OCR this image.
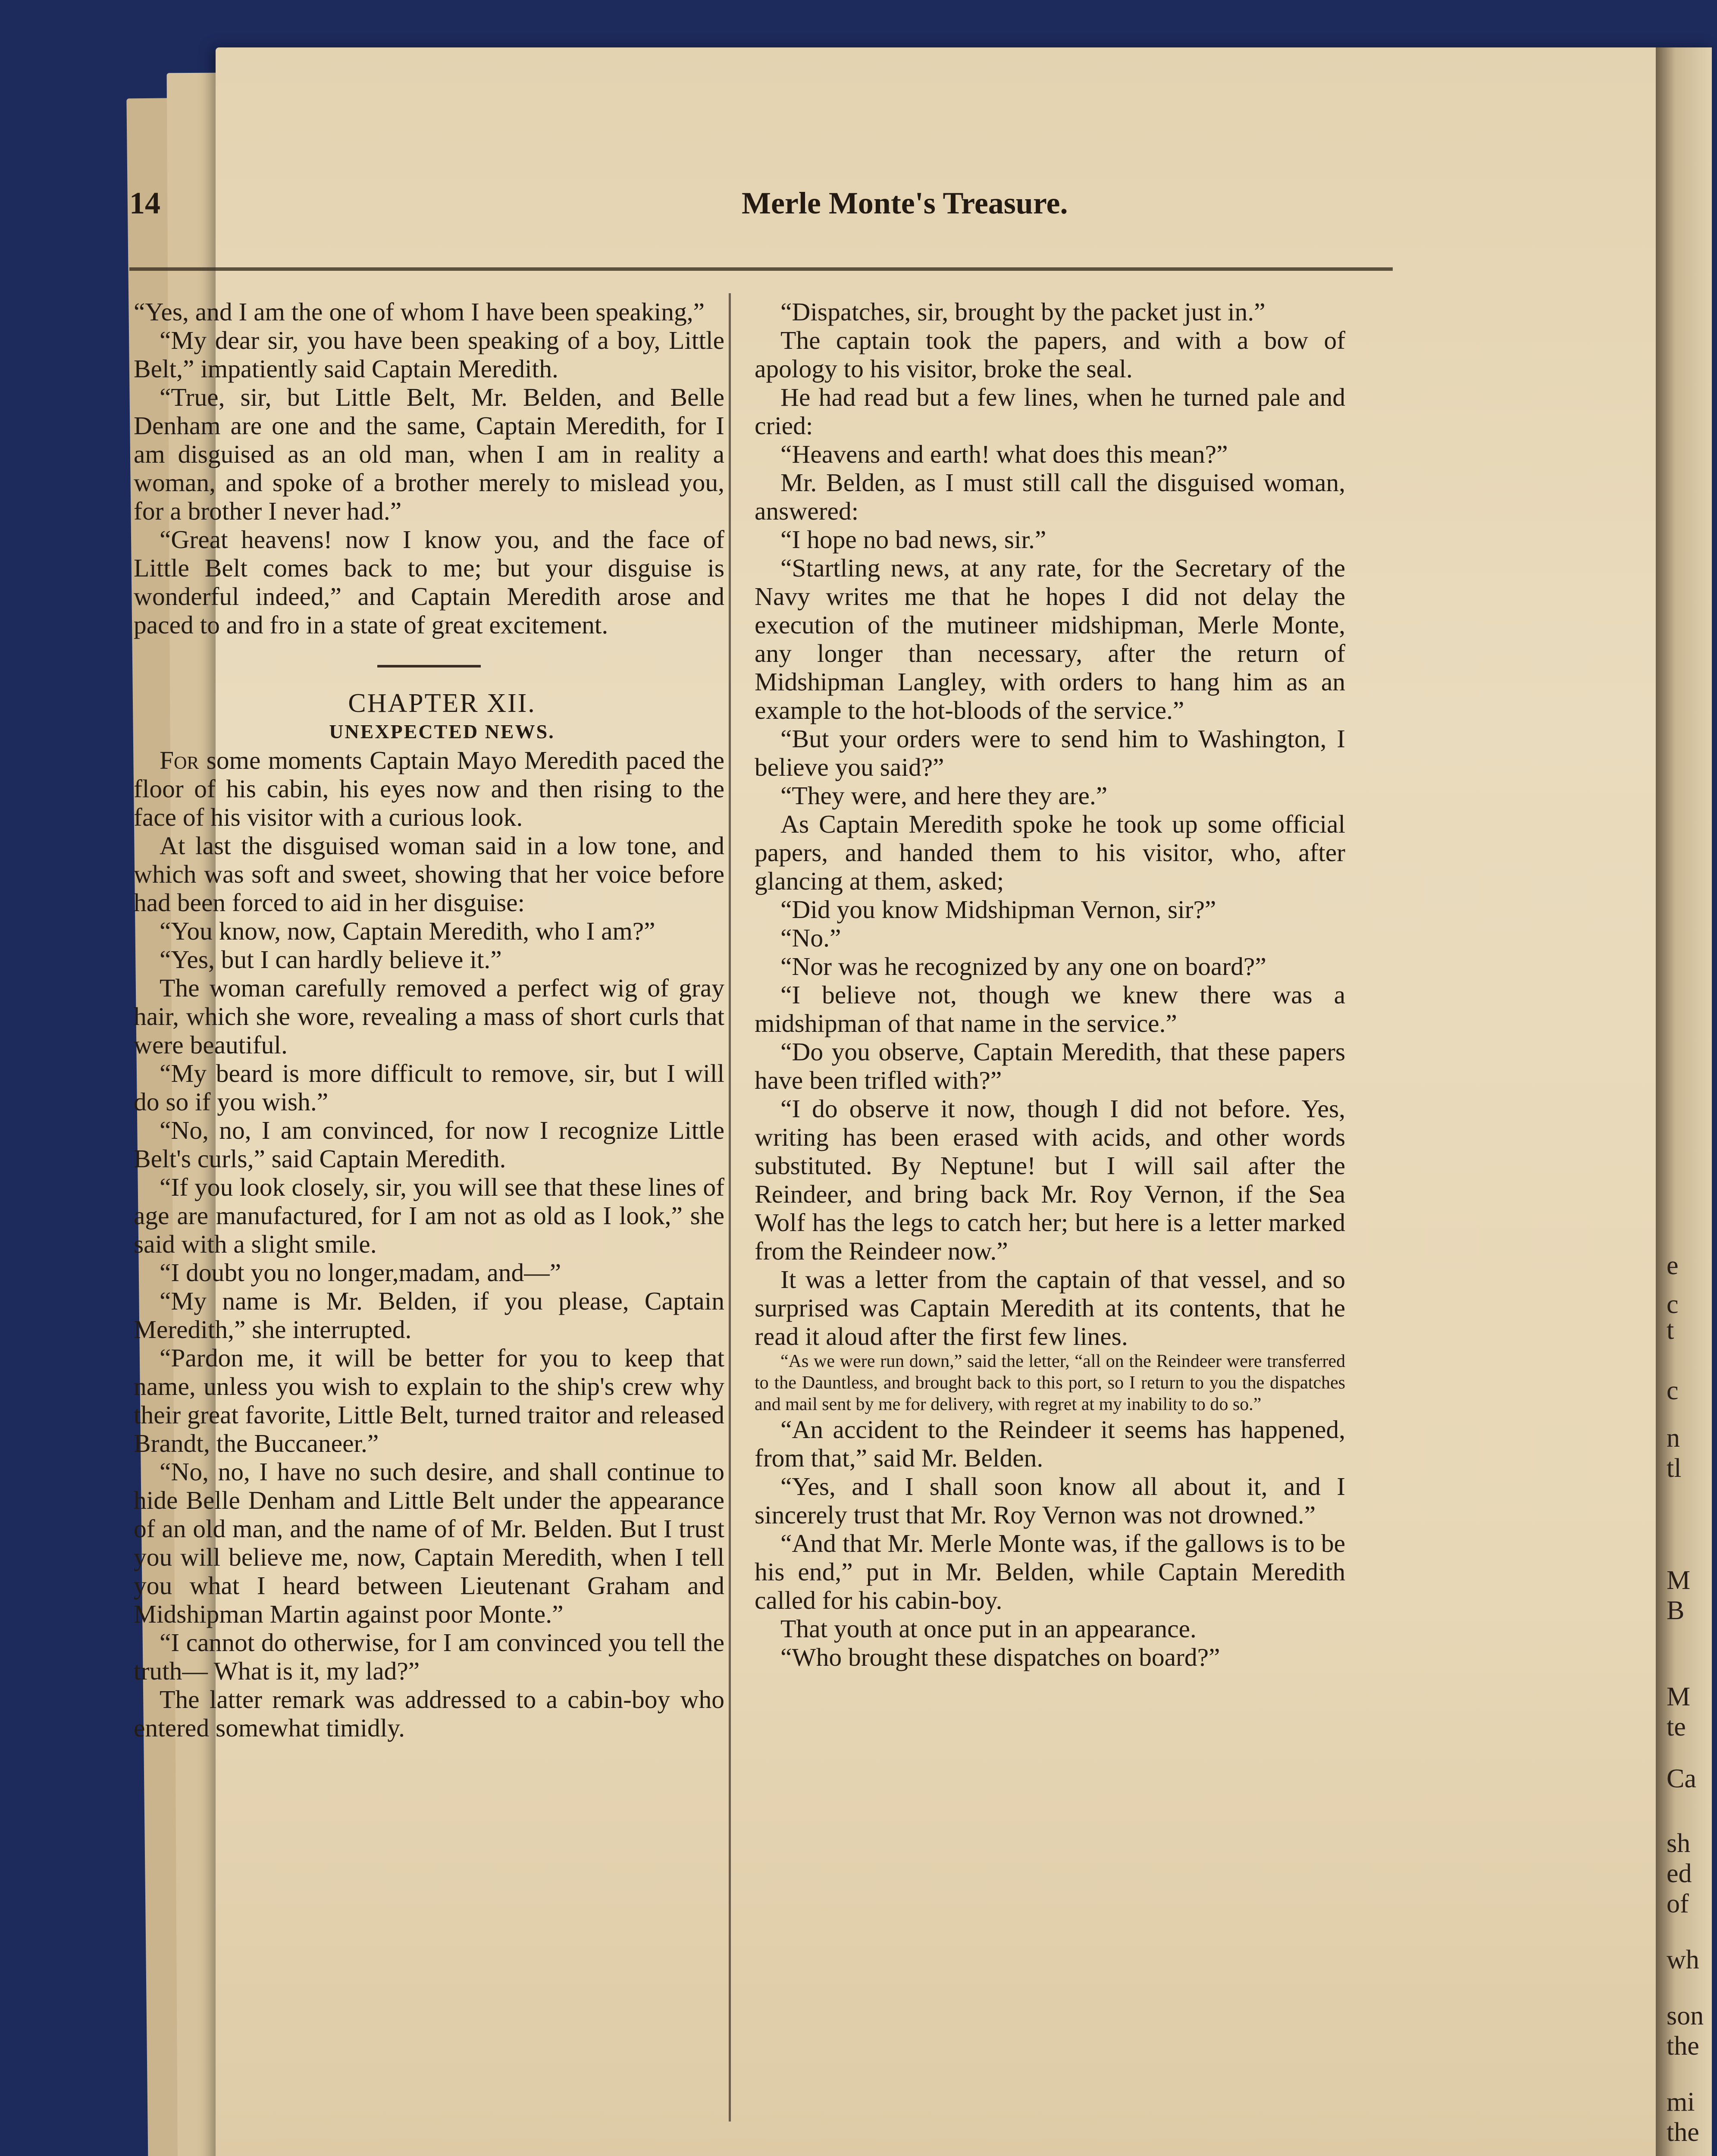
14	Merle Monte's Treasure.

“Yes, and I am the one of whom I have been speaking,”

“My dear sir, you have been speaking of a boy, Little Belt,” impatiently said Captain Meredith.

“True, sir, but Little Belt, Mr. Belden, and Belle Denham are one and the same, Captain Meredith, for I am disguised as an old man, when I am in reality a woman, and spoke of a brother merely to mislead you, for a brother I never had.”

“Great heavens! now I know you, and the face of Little Belt comes back to me; but your disguise is wonderful indeed,” and Captain Meredith arose and paced to and fro in a state of great excitement.

CHAPTER XII.

UNEXPECTED NEWS.

For some moments Captain Mayo Meredith paced the floor of his cabin, his eyes now and then rising to the face of his visitor with a curious look.

At last the disguised woman said in a low tone, and which was soft and sweet, showing that her voice before had been forced to aid in her disguise:

“You know, now, Captain Meredith, who I am?”

“Yes, but I can hardly believe it.”

The woman carefully removed a perfect wig of gray hair, which she wore, revealing a mass of short curls that were beautiful.

“My beard is more difficult to remove, sir, but I will do so if you wish.”

“No, no, I am convinced, for now I recognize Little Belt's curls,” said Captain Meredith.

“If you look closely, sir, you will see that these lines of age are manufactured, for I am not as old as I look,” she said with a slight smile.

“I doubt you no longer,madam, and—”

“My name is Mr. Belden, if you please, Captain Meredith,” she interrupted.

“Pardon me, it will be better for you to keep that name, unless you wish to explain to the ship's crew why their great favorite, Little Belt, turned traitor and released Brandt, the Buccaneer.”

“No, no, I have no such desire, and shall continue to hide Belle Denham and Little Belt under the appearance of an old man, and the name of of Mr. Belden. But I trust you will believe me, now, Captain Meredith, when I tell you what I heard between Lieutenant Graham and Midshipman Martin against poor Monte.”

“I cannot do otherwise, for I am convinced you tell the truth— What is it, my lad?”

The latter remark was addressed to a cabin-boy who entered somewhat timidly.

“Dispatches, sir, brought by the packet just in.”

The captain took the papers, and with a bow of apology to his visitor, broke the seal.

He had read but a few lines, when he turned pale and cried:

“Heavens and earth! what does this mean?”

Mr. Belden, as I must still call the disguised woman, answered:

“I hope no bad news, sir.”

“Startling news, at any rate, for the Secretary of the Navy writes me that he hopes I did not delay the execution of the mutineer midshipman, Merle Monte, any longer than necessary, after the return of Midshipman Langley, with orders to hang him as an example to the hot-bloods of the service.”

“But your orders were to send him to Washington, I believe you said?”

“They were, and here they are.”

As Captain Meredith spoke he took up some official papers, and handed them to his visitor, who, after glancing at them, asked;

“Did you know Midshipman Vernon, sir?”

“No.”

“Nor was he recognized by any one on board?”

“I believe not, though we knew there was a midshipman of that name in the service.”

“Do you observe, Captain Meredith, that these papers have been trifled with?”

“I do observe it now, though I did not before. Yes, writing has been erased with acids, and other words substituted. By Neptune! but I will sail after the Reindeer, and bring back Mr. Roy Vernon, if the Sea Wolf has the legs to catch her; but here is a letter marked from the Reindeer now.”

It was a letter from the captain of that vessel, and so surprised was Captain Meredith at its contents, that he read it aloud after the first few lines.

“As we were run down,” said the letter, “all on the Reindeer were transferred to the Dauntless, and brought back to this port, so I return to you the dispatches and mail sent by me for delivery, with regret at my inability to do so.”

“An accident to the Reindeer it seems has happened, from that,” said Mr. Belden.

“Yes, and I shall soon know all about it, and I sincerely trust that Mr. Roy Vernon was not drowned.”

“And that Mr. Merle Monte was, if the gallows is to be his end,” put in Mr. Belden, while Captain Meredith called for his cabin-boy.

That youth at once put in an appearance.

“Who brought these dispatches on board?”

e
c
t
c
n
tl
M
B
M
te
Ca
sh
ed
of
wh
son
the
mi
the
